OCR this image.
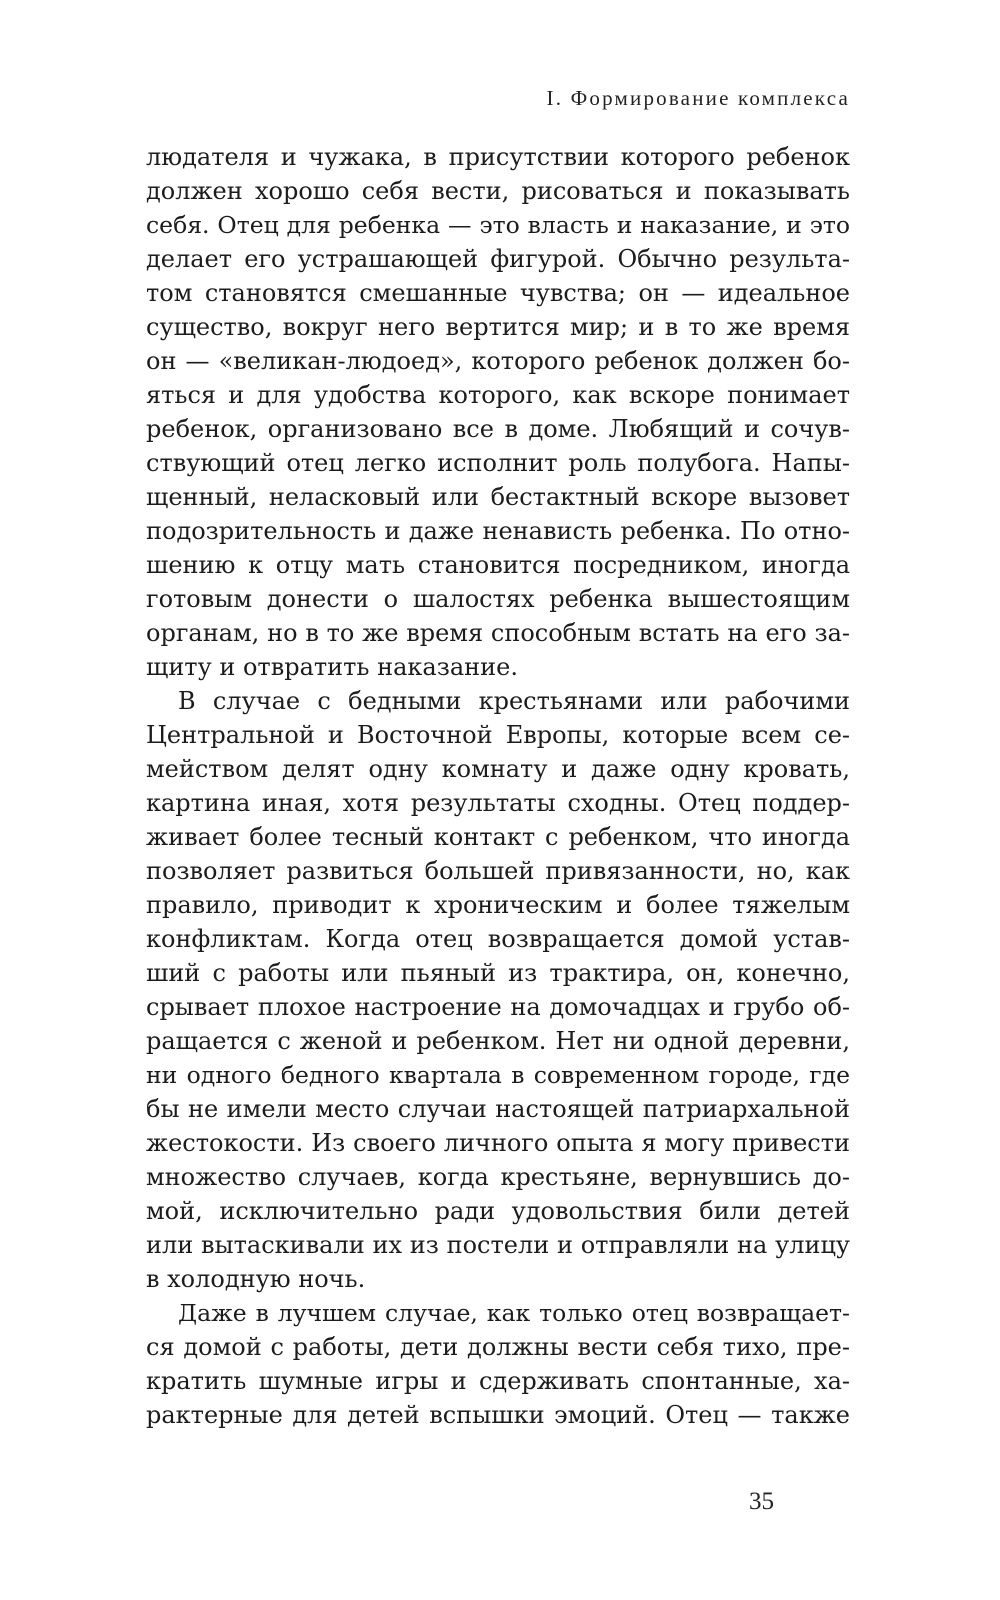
I. Формирование комплекса
людателя и чужака, в присутствии которого ребенок
должен хорошо себя вести, рисоваться и показывать
себя. Отец для ребенка — это власть и наказание, и это
делает его устрашающей фигурой. Обычно результа-
том становятся смешанные чувства; он — идеальное
существо, вокруг него вертится мир; и в то же время
он — «великан-людоед», которого ребенок должен бо-
яться и для удобства которого, как вскоре понимает
ребенок, организовано все в доме. Любящий и сочув-
ствующий отец легко исполнит роль полубога. Напы-
щенный, неласковый или бестактный вскоре вызовет
подозрительность и даже ненависть ребенка. По отно-
шению к отцу мать становится посредником, иногда
готовым донести о шалостях ребенка вышестоящим
органам, но в то же время способным встать на его за-
щиту и отвратить наказание.
В случае с бедными крестьянами или рабочими
Центральной и Восточной Европы, которые всем се-
мейством делят одну комнату и даже одну кровать,
картина иная, хотя результаты сходны. Отец поддер-
живает более тесный контакт с ребенком, что иногда
позволяет развиться большей привязанности, но, как
правило, приводит к хроническим и более тяжелым
конфликтам. Когда отец возвращается домой устав-
ший с работы или пьяный из трактира, он, конечно,
срывает плохое настроение на домочадцах и грубо об-
ращается с женой и ребенком. Нет ни одной деревни,
ни одного бедного квартала в современном городе, где
бы не имели место случаи настоящей патриархальной
жестокости. Из своего личного опыта я могу привести
множество случаев, когда крестьяне, вернувшись до-
мой, исключительно ради удовольствия били детей
или вытаскивали их из постели и отправляли на улицу
в холодную ночь.
Даже в лучшем случае, как только отец возвращает-
ся домой с работы, дети должны вести себя тихо, пре-
кратить шумные игры и сдерживать спонтанные, ха-
рактерные для детей вспышки эмоций. Отец — также
35
